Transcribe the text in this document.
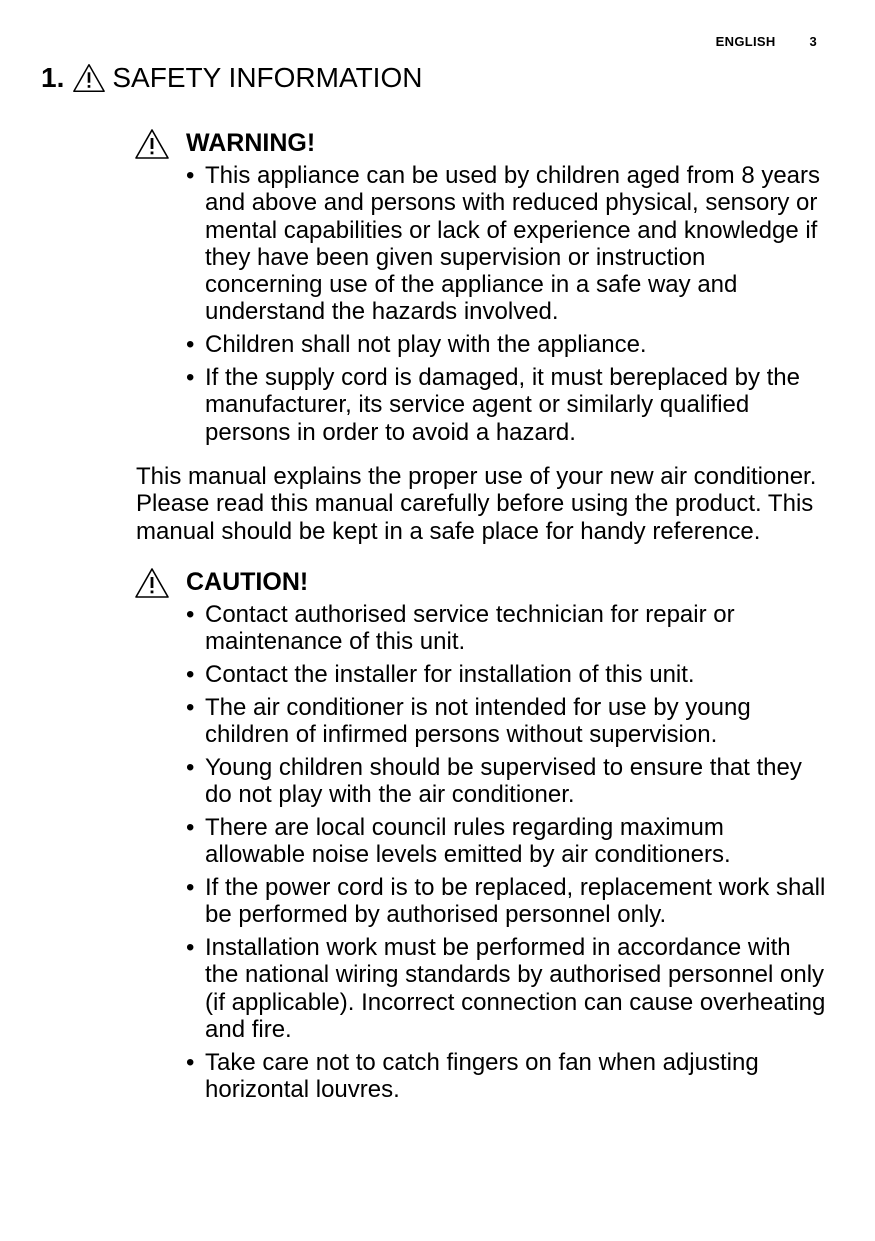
ENGLISH	3
1. SAFETY INFORMATION
WARNING!
• This appliance can be used by children aged from 8 years and above and persons with reduced physical, sensory or mental capabilities or lack of experience and knowledge if they have been given supervision or instruction concerning use of the appliance in a safe way and understand the hazards involved.
• Children shall not play with the appliance.
• If the supply cord is damaged, it must bereplaced by the manufacturer, its service agent or similarly qualified persons in order to avoid a hazard.

This manual explains the proper use of your new air conditioner. Please read this manual carefully before using the product. This manual should be kept in a safe place for handy reference.

CAUTION!
• Contact authorised service technician for repair or maintenance of this unit.
• Contact the installer for installation of this unit.
• The air conditioner is not intended for use by young children of infirmed persons without supervision.
• Young children should be supervised to ensure that they do not play with the air conditioner.
• There are local council rules regarding maximum allowable noise levels emitted by air conditioners.
• If the power cord is to be replaced, replacement work shall be performed by authorised personnel only.
• Installation work must be performed in accordance with the national wiring standards by authorised personnel only (if applicable). Incorrect connection can cause overheating and fire.
• Take care not to catch fingers on fan when adjusting horizontal louvres.
